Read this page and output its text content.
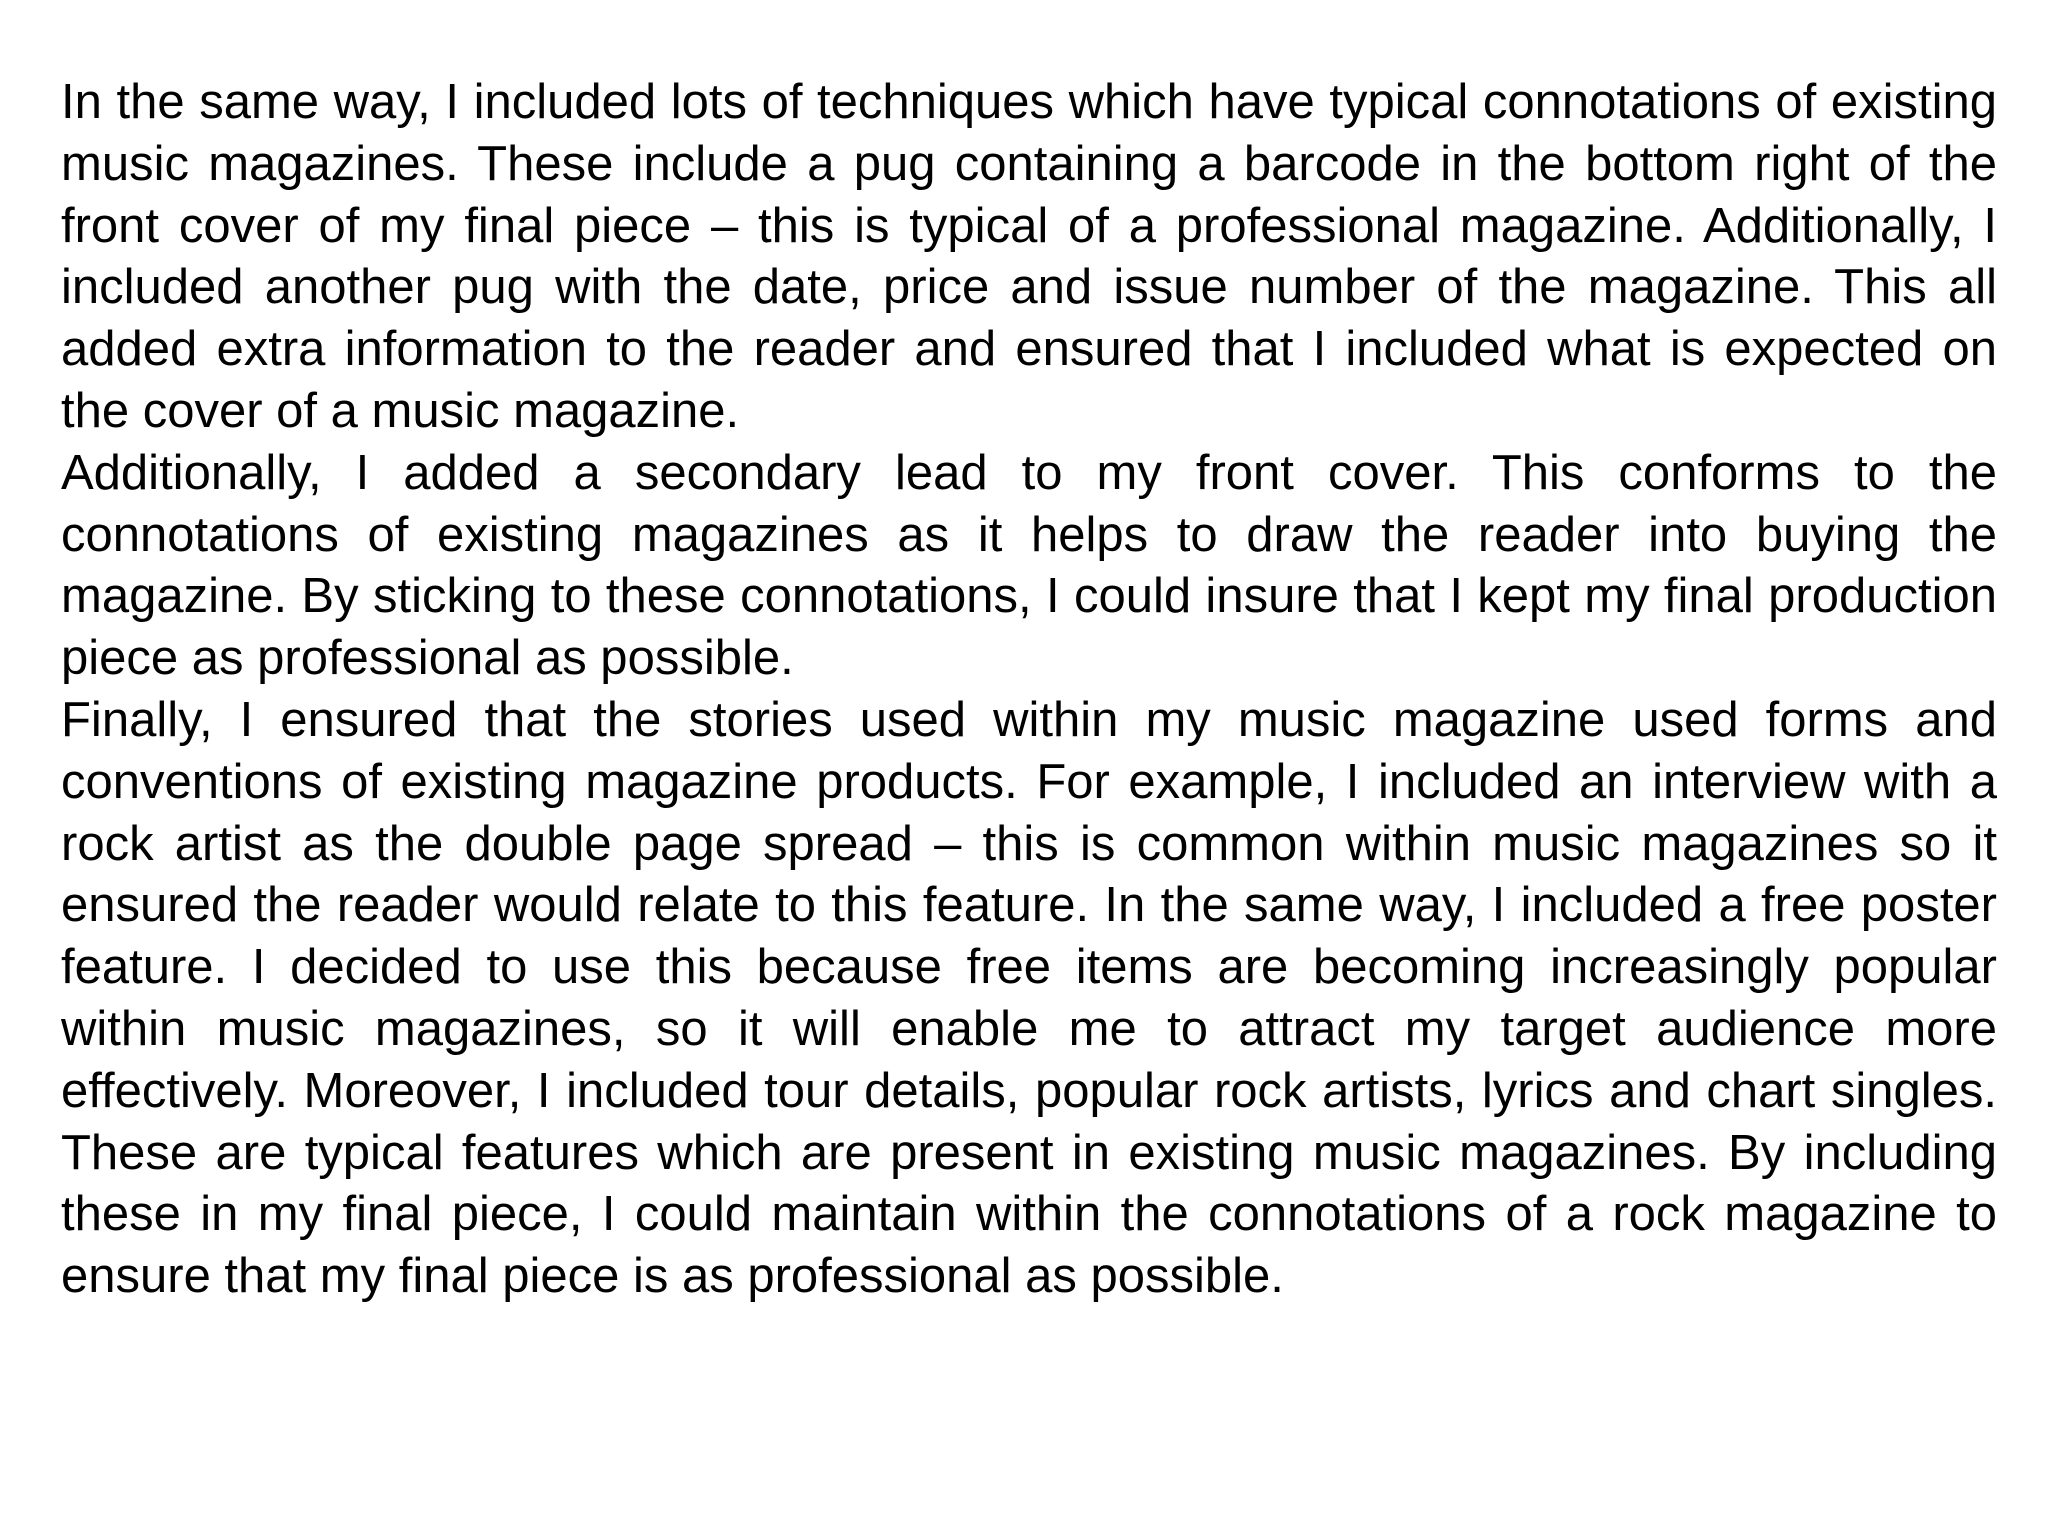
In the same way, I included lots of techniques which have typical connotations of existing music magazines. These include a pug containing a barcode in the bottom right of the front cover of my final piece – this is typical of a professional magazine. Additionally, I included another pug with the date, price and issue number of the magazine. This all added extra information to the reader and ensured that I included what is expected on the cover of a music magazine.

Additionally, I added a secondary lead to my front cover. This conforms to the connotations of existing magazines as it helps to draw the reader into buying the magazine. By sticking to these connotations, I could insure that I kept my final production piece as professional as possible.

Finally, I ensured that the stories used within my music magazine used forms and conventions of existing magazine products. For example, I included an interview with a rock artist as the double page spread – this is common within music magazines so it ensured the reader would relate to this feature. In the same way, I included a free poster feature. I decided to use this because free items are becoming increasingly popular within music magazines, so it will enable me to attract my target audience more effectively. Moreover, I included tour details, popular rock artists, lyrics and chart singles. These are typical features which are present in existing music magazines. By including these in my final piece, I could maintain within the connotations of a rock magazine to ensure that my final piece is as professional as possible.
